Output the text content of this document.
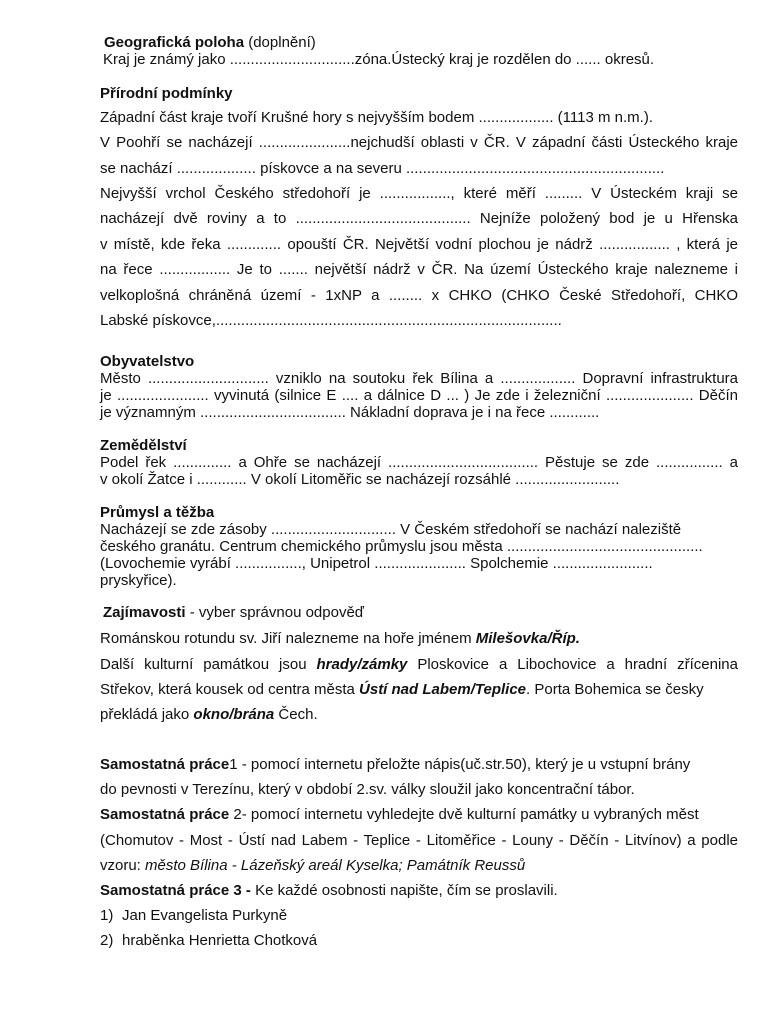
Geografická poloha (doplnění)
Kraj je známý jako ..............................zóna.Ústecký kraj je rozdělen do ...... okresů.
Přírodní podmínky
Západní část kraje tvoří Krušné hory s nejvyšším bodem .................. (1113 m n.m.).
V Poohří se nacházejí ......................nejchudší oblasti v ČR. V západní části Ústeckého kraje
se nachází ................... pískovce a na severu ..............................................................
Nejvyšší vrchol Českého středohoří je ................., které měří ......... V Ústeckém kraji se
nacházejí dvě roviny a to .......................................... Nejníže položený bod je u Hřenska
v místě, kde řeka ............. opouští ČR. Největší vodní plochou je nádrž ................. , která je
na řece ................. Je to ....... největší nádrž v ČR. Na území Ústeckého kraje nalezneme i
velkoplošná chráněná území - 1xNP a ........ x CHKO (CHKO České Středohoří, CHKO
Labské pískovce,...................................................................................
Obyvatelstvo
Město ............................. vzniklo na soutoku řek Bílina a .................. Dopravní infrastruktura
je ...................... vyvinutá (silnice E .... a dálnice D ... ) Je zde i železniční ..................... Děčín
je významným ................................... Nákladní doprava je i na řece ............
Zemědělství
Podel řek .............. a Ohře se nacházejí .................................... Pěstuje se zde ................ a
v okolí Žatce i ............ V okolí Litoměřic se nacházejí rozsáhlé .........................
Průmysl a těžba
Nacházejí se zde zásoby .............................. V Českém středohoří se nachází naleziště
českého granátu. Centrum chemického průmyslu jsou města ...............................................
(Lovochemie vyrábí ................, Unipetrol ...................... Spolchemie ........................
pryskyřice).
Zajímavosti - vyber správnou odpověď
Románskou rotundu sv. Jiří nalezneme na hoře jménem Milešovka/Říp.
Další kulturní památkou jsou hrady/zámky Ploskovice a Libochovice a hradní zřícenina
Střekov, která kousek od centra města Ústí nad Labem/Teplice. Porta Bohemica se česky
překládá jako okno/brána Čech.
Samostatná práce1 - pomocí internetu přeložte nápis(uč.str.50), který je u vstupní brány
do pevnosti v Terezínu, který v období 2.sv. války sloužil jako koncentrační tábor.
Samostatná práce 2- pomocí internetu vyhledejte dvě kulturní památky u vybraných měst
(Chomutov - Most - Ústí nad Labem - Teplice - Litoměřice - Louny - Děčín - Litvínov) a podle
vzoru: město Bílina - Lázeňský areál Kyselka; Památník Reussů
Samostatná práce 3 - Ke každé osobnosti napište, čím se proslavili.
1) Jan Evangelista Purkyně
2) hraběnka Henrietta Chotková
